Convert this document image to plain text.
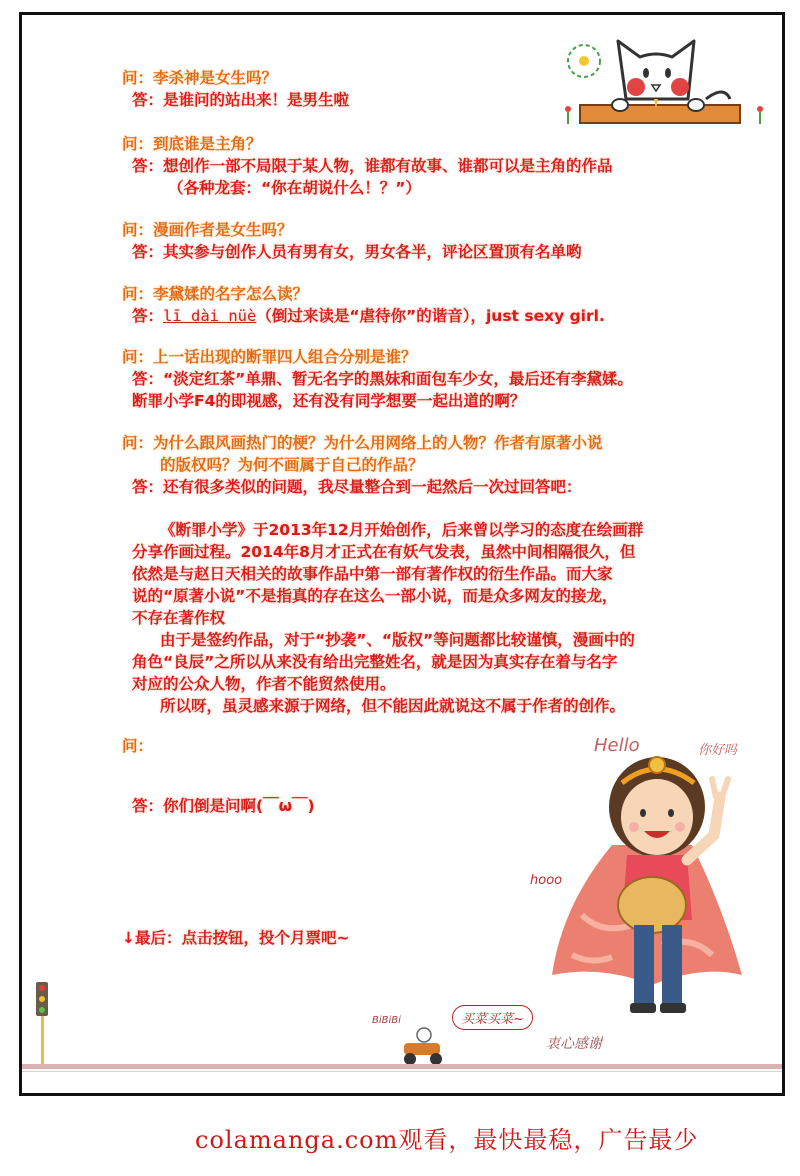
问：李杀神是女生吗？
答：是谁问的站出来！是男生啦
问：到底谁是主角？
答：想创作一部不局限于某人物，谁都有故事、谁都可以是主角的作品
（各种龙套：“你在胡说什么！？”）
问：漫画作者是女生吗？
答：其实参与创作人员有男有女，男女各半，评论区置顶有名单哟
问：李黛媃的名字怎么读？
答：lī dài nüè（倒过来读是“虐待你”的谐音），just sexy girl.
问：上一话出现的断罪四人组合分别是谁？
答：“淡定红茶”单鼎、暂无名字的黑妹和面包车少女，最后还有李黛媃。
断罪小学F4的即视感，还有没有同学想要一起出道的啊？
问：为什么跟风画热门的梗？为什么用网络上的人物？作者有原著小说
的版权吗？为何不画属于自己的作品？
答：还有很多类似的问题，我尽量整合到一起然后一次过回答吧：
《断罪小学》于2013年12月开始创作，后来曾以学习的态度在绘画群
分享作画过程。2014年8月才正式在有妖气发表，虽然中间相隔很久，但
依然是与赵日天相关的故事作品中第一部有著作权的衍生作品。而大家
说的“原著小说”不是指真的存在这么一部小说，而是众多网友的接龙，
不存在著作权
由于是签约作品，对于“抄袭”、“版权”等问题都比较谨慎，漫画中的
角色“良辰”之所以从来没有给出完整姓名，就是因为真实存在着与名字
对应的公众人物，作者不能贸然使用。
所以呀，虽灵感来源于网络，但不能因此就说这不属于作者的创作。
问：
答：你们倒是问啊(￣ω￣)
↓最后：点击按钮，投个月票吧~
Hello	你好吗
hooo
BiBiBi	买菜买菜~
衷心感谢
colamanga.com观看，最快最稳，广告最少
